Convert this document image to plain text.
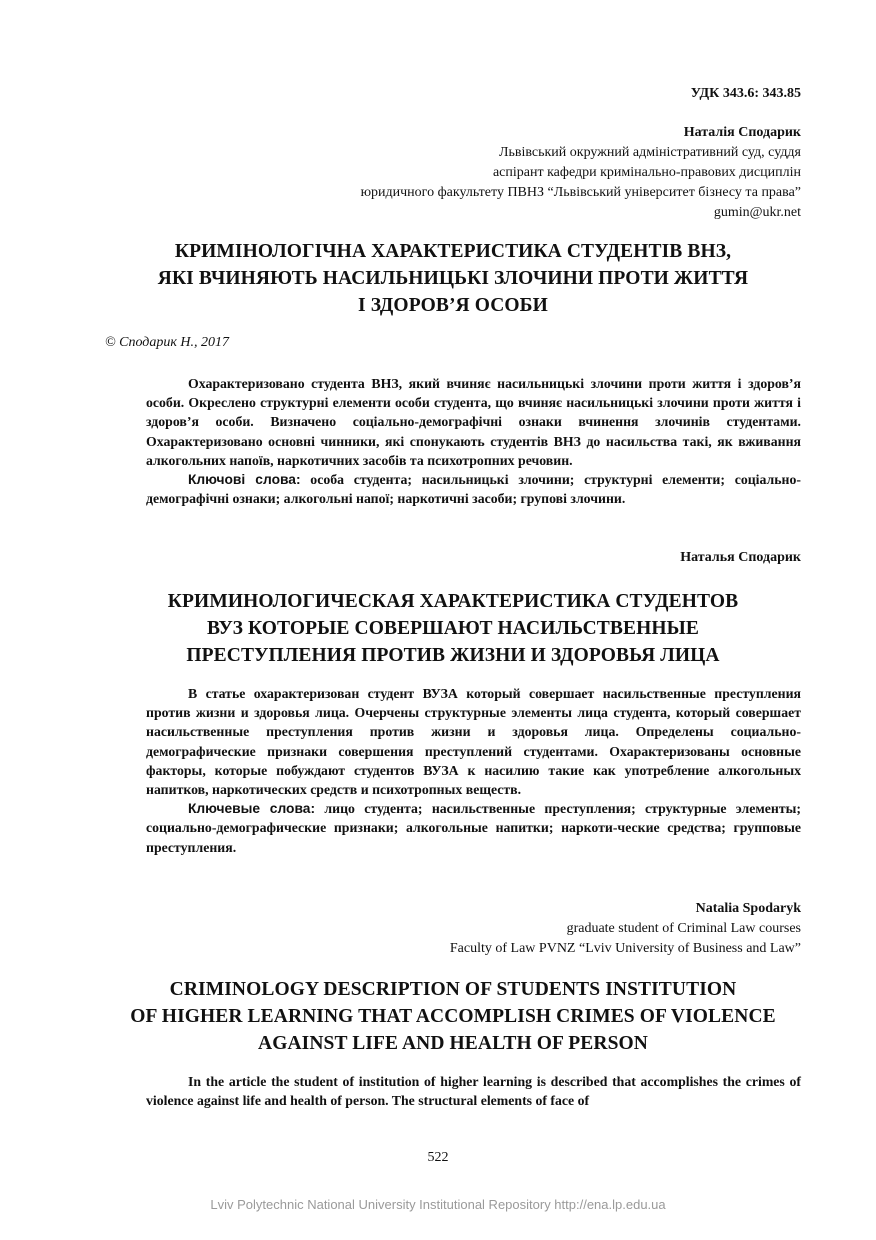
УДК 343.6: 343.85
Наталія Сподарик
Львівський окружний адміністративний суд, суддя
аспірант кафедри кримінально-правових дисциплін
юридичного факультету ПВНЗ “Львівський університет бізнесу та права”
gumin@ukr.net
КРИМІНОЛОГІЧНА ХАРАКТЕРИСТИКА СТУДЕНТІВ ВНЗ,
ЯКІ ВЧИНЯЮТЬ НАСИЛЬНИЦЬКІ ЗЛОЧИНИ ПРОТИ ЖИТТЯ
І ЗДОРОВ’Я ОСОБИ
© Сподарик Н., 2017

Охарактеризовано студента ВНЗ, який вчиняє насильницькі злочини проти життя і здоров’я особи. Окреслено структурні елементи особи студента, що вчиняє насильницькі злочини проти життя і здоров’я особи. Визначено соціально-демографічні ознаки вчинення злочинів студентами. Охарактеризовано основні чинники, які спонукають студентів ВНЗ до насильства такі, як вживання алкогольних напоїв, наркотичних засобів та психотропних речовин.

Ключові слова: особа студента; насильницькі злочини; структурні елементи; соціально-демографічні ознаки; алкогольні напої; наркотичні засоби; групові злочини.

Наталья Сподарик
КРИМИНОЛОГИЧЕСКАЯ ХАРАКТЕРИСТИКА СТУДЕНТОВ
ВУЗ КОТОРЫЕ СОВЕРШАЮТ НАСИЛЬСТВЕННЫЕ
ПРЕСТУПЛЕНИЯ ПРОТИВ ЖИЗНИ И ЗДОРОВЬЯ ЛИЦА

В статье охарактеризован студент ВУЗА который совершает насильственные преступления против жизни и здоровья лица. Очерчены структурные элементы лица студента, который совершает насильственные преступления против жизни и здоровья лица. Определены социально-демографические признаки совершения преступлений студентами. Охарактеризованы основные факторы, которые побуждают студентов ВУЗА к насилию такие как употребление алкогольных напитков, наркотических средств и психотропных веществ.

Ключевые слова: лицо студента; насильственные преступления; структурные элементы; социально-демографические признаки; алкогольные напитки; наркоти-ческие средства; групповые преступления.

Natalia Spodaryk
graduate student of Criminal Law courses
Faculty of Law PVNZ “Lviv University of Business and Law”
CRIMINOLOGY DESCRIPTION OF STUDENTS INSTITUTION
OF HIGHER LEARNING THAT ACCOMPLISH CRIMES OF VIOLENCE
AGAINST LIFE AND HEALTH OF PERSON

In the article the student of institution of higher learning is described that accomplishes the crimes of violence against life and health of person. The structural elements of face of

522
Lviv Polytechnic National University Institutional Repository http://ena.lp.edu.ua
